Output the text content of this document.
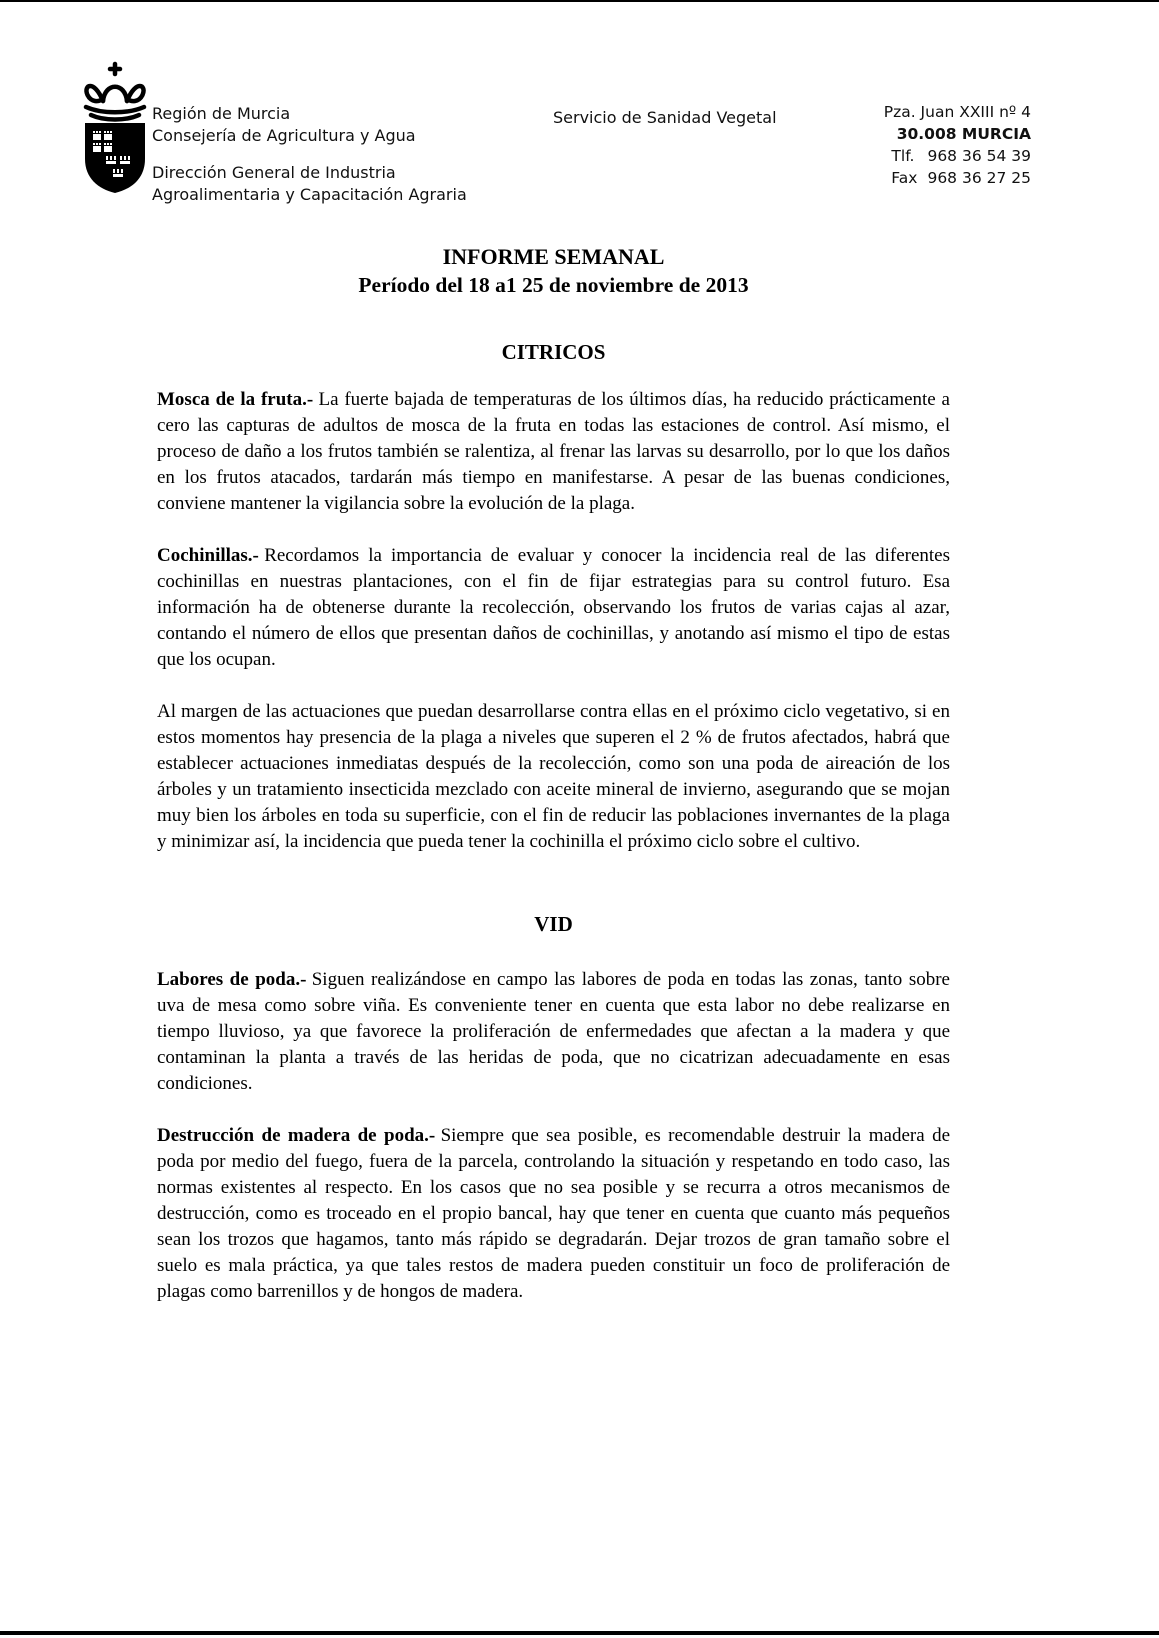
Región de Murcia
Consejería de Agricultura y Agua
Dirección General de Industria
Agroalimentaria y Capacitación Agraria
Servicio de Sanidad Vegetal	Pza. Juan XXIII nº 4
30.008 MURCIA
Tlf. 968 36 54 39
Fax 968 36 27 25
INFORME SEMANAL
Período del 18 a1 25 de noviembre de 2013
CITRICOS

Mosca de la fruta.- La fuerte bajada de temperaturas de los últimos días, ha reducido prácticamente a cero las capturas de adultos de mosca de la fruta en todas las estaciones de control. Así mismo, el proceso de daño a los frutos también se ralentiza, al frenar las larvas su desarrollo, por lo que los daños en los frutos atacados, tardarán más tiempo en manifestarse. A pesar de las buenas condiciones, conviene mantener la vigilancia sobre la evolución de la plaga.

Cochinillas.- Recordamos la importancia de evaluar y conocer la incidencia real de las diferentes cochinillas en nuestras plantaciones, con el fin de fijar estrategias para su control futuro. Esa información ha de obtenerse durante la recolección, observando los frutos de varias cajas al azar, contando el número de ellos que presentan daños de cochinillas, y anotando así mismo el tipo de estas que los ocupan.

Al margen de las actuaciones que puedan desarrollarse contra ellas en el próximo ciclo vegetativo, si en estos momentos hay presencia de la plaga a niveles que superen el 2 % de frutos afectados, habrá que establecer actuaciones inmediatas después de la recolección, como son una poda de aireación de los árboles y un tratamiento insecticida mezclado con aceite mineral de invierno, asegurando que se mojan muy bien los árboles en toda su superficie, con el fin de reducir las poblaciones invernantes de la plaga y minimizar así, la incidencia que pueda tener la cochinilla el próximo ciclo sobre el cultivo.

VID

Labores de poda.- Siguen realizándose en campo las labores de poda en todas las zonas, tanto sobre uva de mesa como sobre viña. Es conveniente tener en cuenta que esta labor no debe realizarse en tiempo lluvioso, ya que favorece la proliferación de enfermedades que afectan a la madera y que contaminan la planta a través de las heridas de poda, que no cicatrizan adecuadamente en esas condiciones.

Destrucción de madera de poda.- Siempre que sea posible, es recomendable destruir la madera de poda por medio del fuego, fuera de la parcela, controlando la situación y respetando en todo caso, las normas existentes al respecto. En los casos que no sea posible y se recurra a otros mecanismos de destrucción, como es troceado en el propio bancal, hay que tener en cuenta que cuanto más pequeños sean los trozos que hagamos, tanto más rápido se degradarán. Dejar trozos de gran tamaño sobre el suelo es mala práctica, ya que tales restos de madera pueden constituir un foco de proliferación de plagas como barrenillos y de hongos de madera.
